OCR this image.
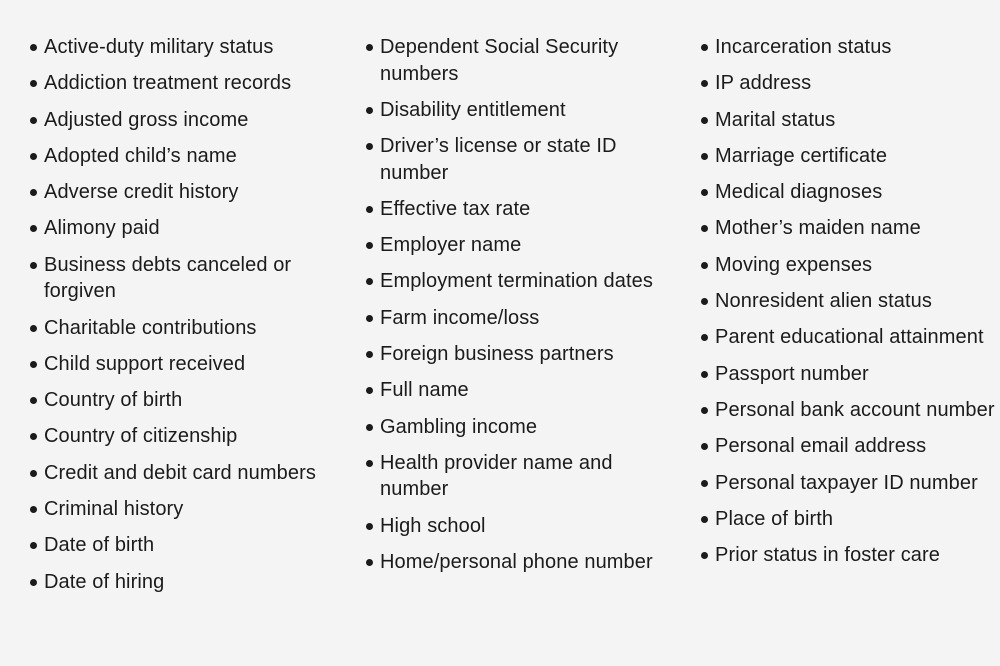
Active-duty military status
Addiction treatment records
Adjusted gross income
Adopted child’s name
Adverse credit history
Alimony paid
Business debts canceled or forgiven
Charitable contributions
Child support received
Country of birth
Country of citizenship
Credit and debit card numbers
Criminal history
Date of birth
Date of hiring
Dependent Social Security numbers
Disability entitlement
Driver’s license or state ID number
Effective tax rate
Employer name
Employment termination dates
Farm income/loss
Foreign business partners
Full name
Gambling income
Health provider name and number
High school
Home/personal phone number
Incarceration status
IP address
Marital status
Marriage certificate
Medical diagnoses
Mother’s maiden name
Moving expenses
Nonresident alien status
Parent educational attainment
Passport number
Personal bank account number
Personal email address
Personal taxpayer ID number
Place of birth
Prior status in foster care
